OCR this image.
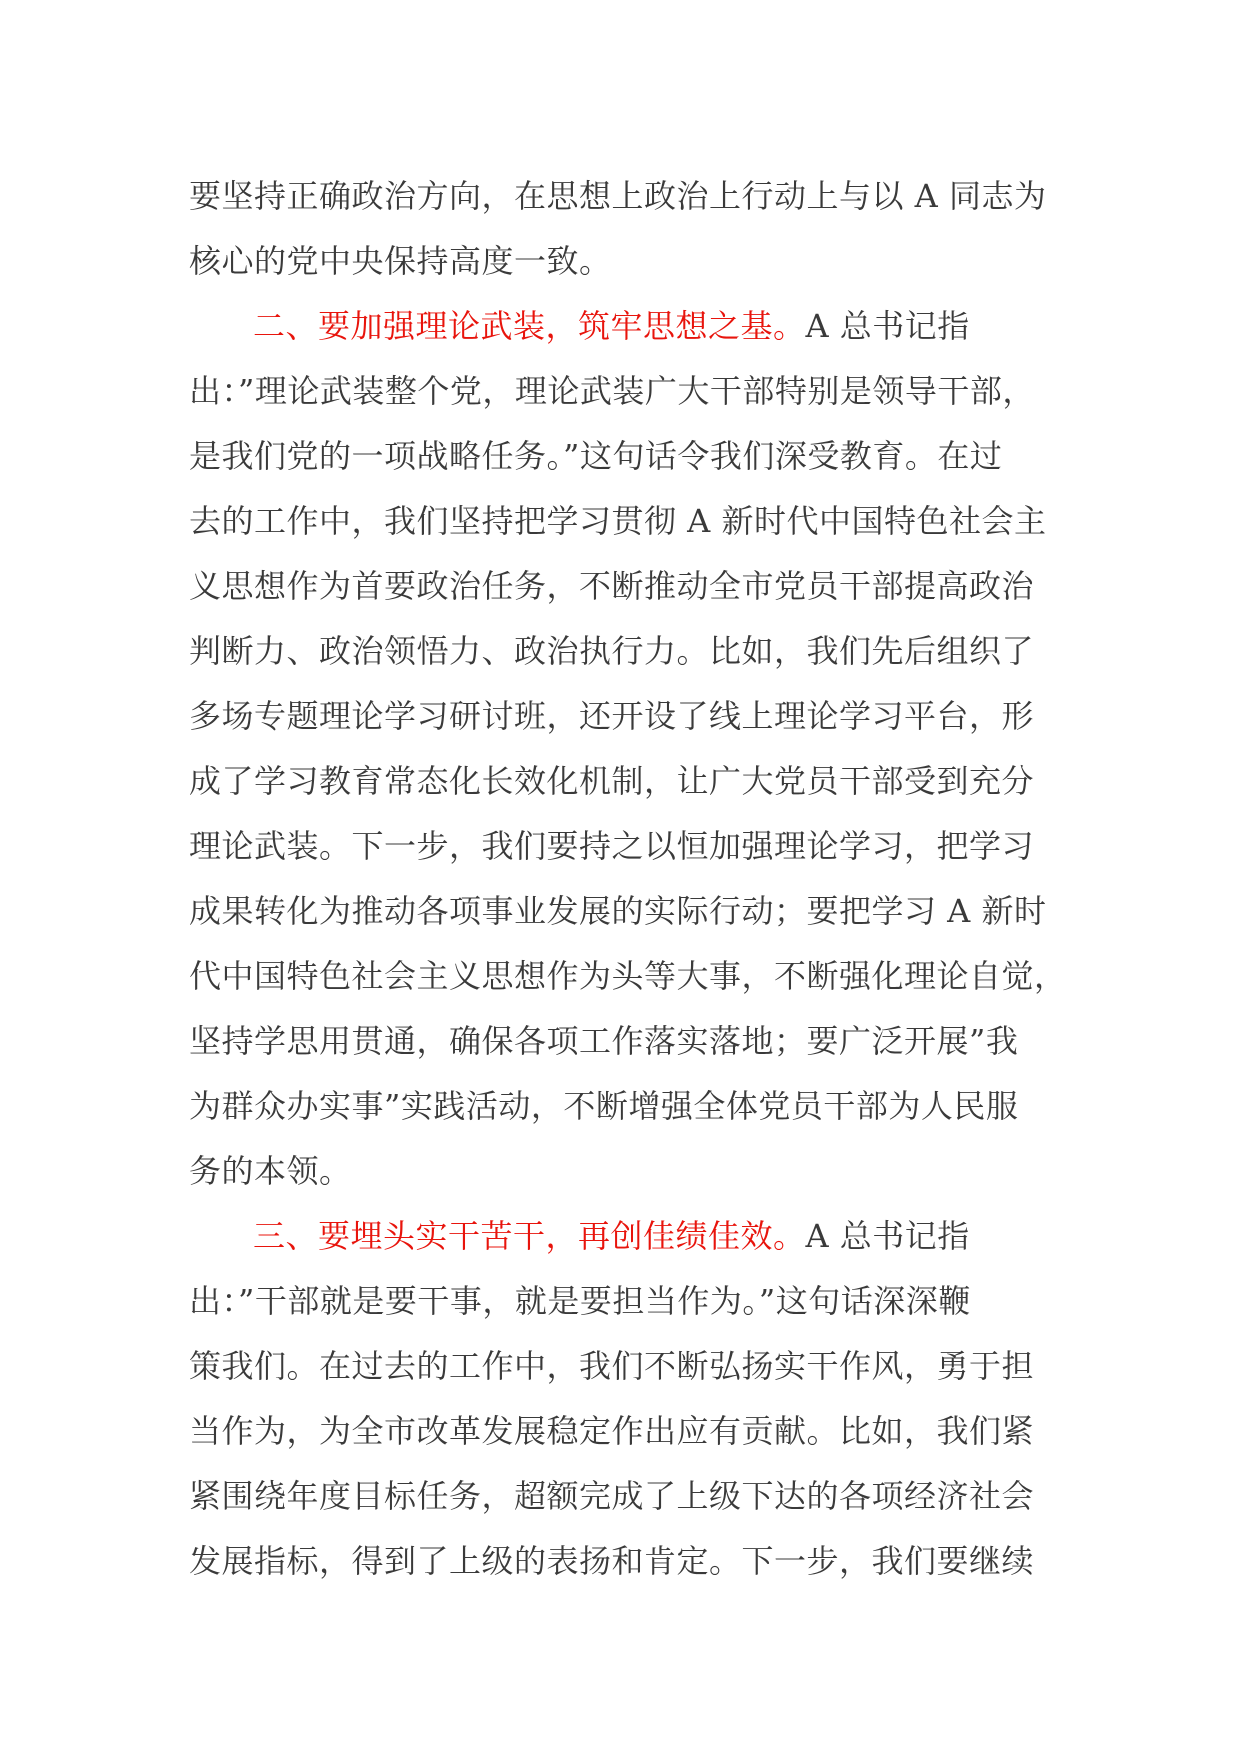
要坚持正确政治方向，在思想上政治上行动上与以 A 同志为
核心的党中央保持高度一致。
二、要加强理论武装，筑牢思想之基。A 总书记指
出：”理论武装整个党，理论武装广大干部特别是领导干部，
是我们党的一项战略任务。”这句话令我们深受教育。在过
去的工作中，我们坚持把学习贯彻 A 新时代中国特色社会主
义思想作为首要政治任务，不断推动全市党员干部提高政治
判断力、政治领悟力、政治执行力。比如，我们先后组织了
多场专题理论学习研讨班，还开设了线上理论学习平台，形
成了学习教育常态化长效化机制，让广大党员干部受到充分
理论武装。下一步，我们要持之以恒加强理论学习，把学习
成果转化为推动各项事业发展的实际行动；要把学习 A 新时
代中国特色社会主义思想作为头等大事，不断强化理论自觉，
坚持学思用贯通，确保各项工作落实落地；要广泛开展”我
为群众办实事”实践活动，不断增强全体党员干部为人民服
务的本领。
三、要埋头实干苦干，再创佳绩佳效。A 总书记指
出：”干部就是要干事，就是要担当作为。”这句话深深鞭
策我们。在过去的工作中，我们不断弘扬实干作风，勇于担
当作为，为全市改革发展稳定作出应有贡献。比如，我们紧
紧围绕年度目标任务，超额完成了上级下达的各项经济社会
发展指标，得到了上级的表扬和肯定。下一步，我们要继续
